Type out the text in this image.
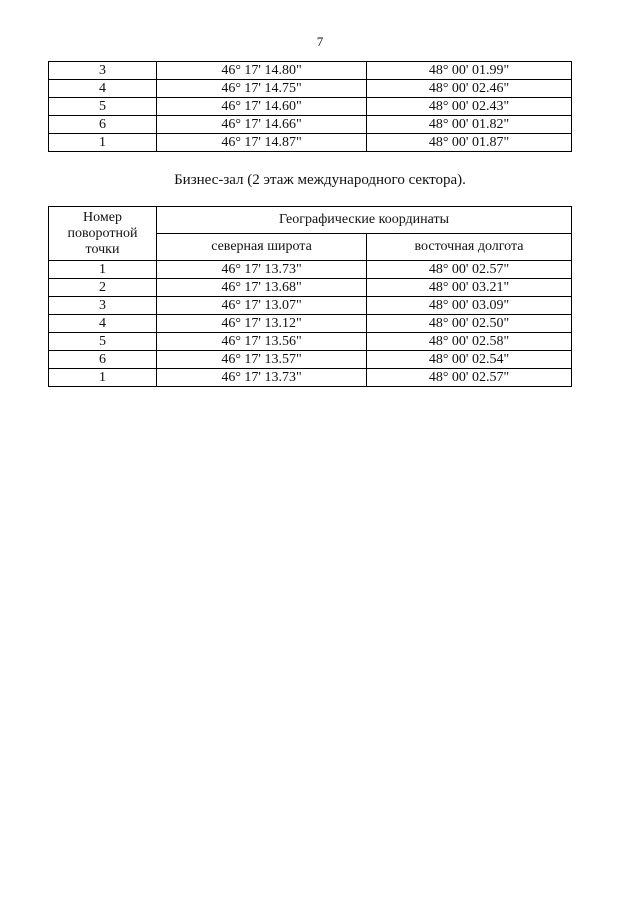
7
3	46° 17' 14.80"	48° 00' 01.99"
4	46° 17' 14.75"	48° 00' 02.46"
5	46° 17' 14.60"	48° 00' 02.43"
6	46° 17' 14.66"	48° 00' 01.82"
1	46° 17' 14.87"	48° 00' 01.87"
Бизнес-зал (2 этаж международного сектора).
Номер поворотной точки	Географические координаты	
	северная широта	восточная долгота
1	46° 17' 13.73"	48° 00' 02.57"
2	46° 17' 13.68"	48° 00' 03.21"
3	46° 17' 13.07"	48° 00' 03.09"
4	46° 17' 13.12"	48° 00' 02.50"
5	46° 17' 13.56"	48° 00' 02.58"
6	46° 17' 13.57"	48° 00' 02.54"
1	46° 17' 13.73"	48° 00' 02.57"
